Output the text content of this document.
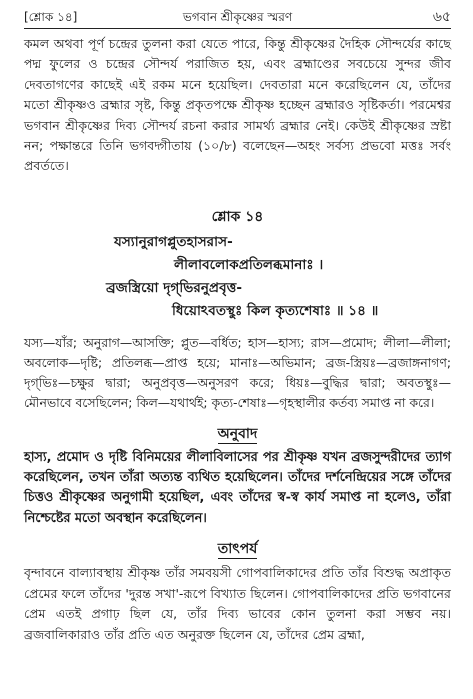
[শ্লোক ১৪]	ভগবান শ্রীকৃষ্ণের স্মরণ	৬৫

কমল অথবা পূর্ণ চন্দ্রের তুলনা করা যেতে পারে, কিন্তু শ্রীকৃষ্ণের দৈহিক সৌন্দর্যের কাছে পদ্ম ফুলের ও চন্দ্রের সৌন্দর্য পরাজিত হয়, এবং ব্রহ্মাণ্ডের সবচেয়ে সুন্দর জীব দেবতাগণের কাছেই এই রকম মনে হয়েছিল। দেবতারা মনে করেছিলেন যে, তাঁদের মতো শ্রীকৃষ্ণও ব্রহ্মার সৃষ্ট, কিন্তু প্রকৃতপক্ষে শ্রীকৃষ্ণ হচ্ছেন ব্রহ্মারও সৃষ্টিকর্তা। পরমেশ্বর ভগবান শ্রীকৃষ্ণের দিব্য সৌন্দর্য রচনা করার সামর্থ্য ব্রহ্মার নেই। কেউই শ্রীকৃষ্ণের স্রষ্টা নন; পক্ষান্তরে তিনি ভগবদ্গীতায় (১০/৮) বলেছেন—অহং সর্বস্য প্রভবো মত্তঃ সর্বং প্রবর্ততে।

শ্লোক ১৪
যস্যানুরাগপ্লুতহাসরাস-
লীলাবলোকপ্রতিলব্ধমানাঃ ।
ব্রজস্ত্রিয়ো দৃগ্‌ভিরনুপ্রবৃত্ত-
ধিয়োঽবতস্থুঃ কিল কৃত্যশেষাঃ ॥ ১৪ ॥

যস্য—যাঁর; অনুরাগ—আসক্তি; প্লুত—বর্ধিত; হাস—হাস্য; রাস—প্রমোদ; লীলা—লীলা; অবলোক—দৃষ্টি; প্রতিলব্ধ—প্রাপ্ত হয়ে; মানাঃ—অভিমান; ব্রজ-স্ত্রিয়ঃ—ব্রজাঙ্গনাগণ; দৃগ্‌ভিঃ—চক্ষুর দ্বারা; অনুপ্রবৃত্ত—অনুসরণ করে; ধিয়ঃ—বুদ্ধির দ্বারা; অবতস্থুঃ—মৌনভাবে বসেছিলেন; কিল—যথার্থই; কৃত্য-শেষাঃ—গৃহস্থালীর কর্তব্য সমাপ্ত না করে।

অনুবাদ

হাস্য, প্রমোদ ও দৃষ্টি বিনিময়ের লীলাবিলাসের পর শ্রীকৃষ্ণ যখন ব্রজসুন্দরীদের ত্যাগ করেছিলেন, তখন তাঁরা অত্যন্ত ব্যথিত হয়েছিলেন। তাঁদের দর্শনেন্দ্রিয়ের সঙ্গে তাঁদের চিত্তও শ্রীকৃষ্ণের অনুগামী হয়েছিল, এবং তাঁদের স্ব-স্ব কার্য সমাপ্ত না হলেও, তাঁরা নিশ্চেষ্টের মতো অবস্থান করেছিলেন।

তাৎপর্য

বৃন্দাবনে বাল্যাবস্থায় শ্রীকৃষ্ণ তাঁর সমবয়সী গোপবালিকাদের প্রতি তাঁর বিশুদ্ধ অপ্রাকৃত প্রেমের ফলে তাঁদের 'দুরন্ত সখা'-রূপে বিখ্যাত ছিলেন। গোপবালিকাদের প্রতি ভগবানের প্রেম এতই প্রগাঢ় ছিল যে, তাঁর দিব্য ভাবের কোন তুলনা করা সম্ভব নয়। ব্রজবালিকারাও তাঁর প্রতি এত অনুরক্ত ছিলেন যে, তাঁদের প্রেম ব্রহ্মা,
